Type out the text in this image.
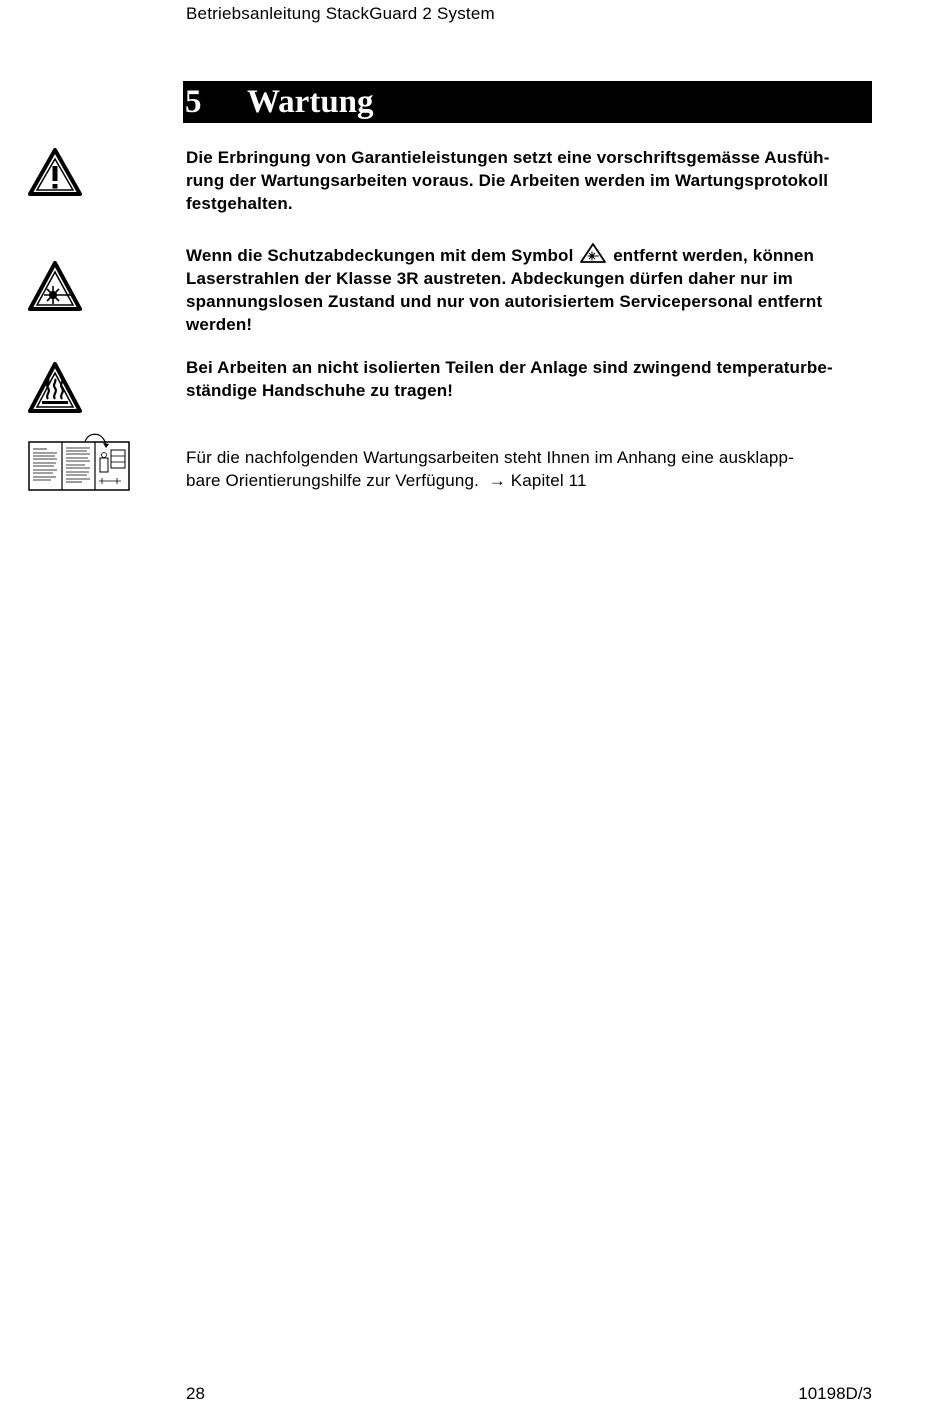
Betriebsanleitung StackGuard 2 System
5 Wartung
Die Erbringung von Garantieleistungen setzt eine vorschriftsgemässe Ausfüh-
rung der Wartungsarbeiten voraus. Die Arbeiten werden im Wartungsprotokoll
festgehalten.
Wenn die Schutzabdeckungen mit dem Symbol entfernt werden, können
Laserstrahlen der Klasse 3R austreten. Abdeckungen dürfen daher nur im
spannungslosen Zustand und nur von autorisiertem Servicepersonal entfernt
werden!
Bei Arbeiten an nicht isolierten Teilen der Anlage sind zwingend temperaturbe-
ständige Handschuhe zu tragen!
Für die nachfolgenden Wartungsarbeiten steht Ihnen im Anhang eine ausklapp-
bare Orientierungshilfe zur Verfügung. → Kapitel 11
28	10198D/3
